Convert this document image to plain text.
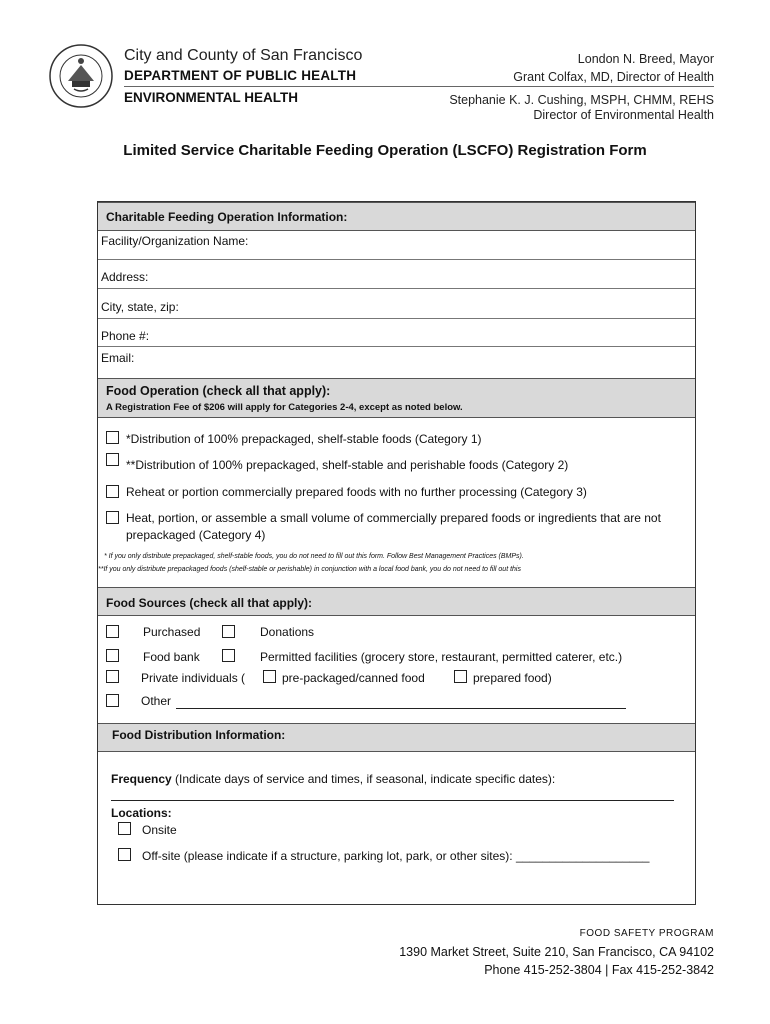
City and County of San Francisco
DEPARTMENT OF PUBLIC HEALTH
ENVIRONMENTAL HEALTH
London N. Breed, Mayor
Grant Colfax, MD, Director of Health
Stephanie K. J. Cushing, MSPH, CHMM, REHS
Director of Environmental Health
Limited Service Charitable Feeding Operation (LSCFO) Registration Form
Charitable Feeding Operation Information:
Facility/Organization Name:
Address:
City, state, zip:
Phone #:
Email:
Food Operation (check all that apply):
A Registration Fee of $206 will apply for Categories 2-4, except as noted below.
*Distribution of 100% prepackaged, shelf-stable foods (Category 1)
**Distribution of 100% prepackaged, shelf-stable and perishable foods (Category 2)
Reheat or portion commercially prepared foods with no further processing (Category 3)
Heat, portion, or assemble a small volume of commercially prepared foods or ingredients that are not
prepackaged (Category 4)
* If you only distribute prepackaged, shelf-stable foods, you do not need to fill out this form. Follow Best Management Practices (BMPs).
**If you only distribute prepackaged foods (shelf-stable or perishable) in conjunction with a local food bank, you do not need to fill out this
Food Sources (check all that apply):
Purchased	Donations
Food bank	Permitted facilities (grocery store, restaurant, permitted caterer, etc.)
Private individuals (	pre-packaged/canned food	prepared food)
Other
Food Distribution Information:
Frequency (Indicate days of service and times, if seasonal, indicate specific dates):
Locations:
Onsite
Off-site (please indicate if a structure, parking lot, park, or other sites): ____________________
FOOD SAFETY PROGRAM
1390 Market Street, Suite 210, San Francisco, CA 94102
Phone 415-252-3804 | Fax 415-252-3842
